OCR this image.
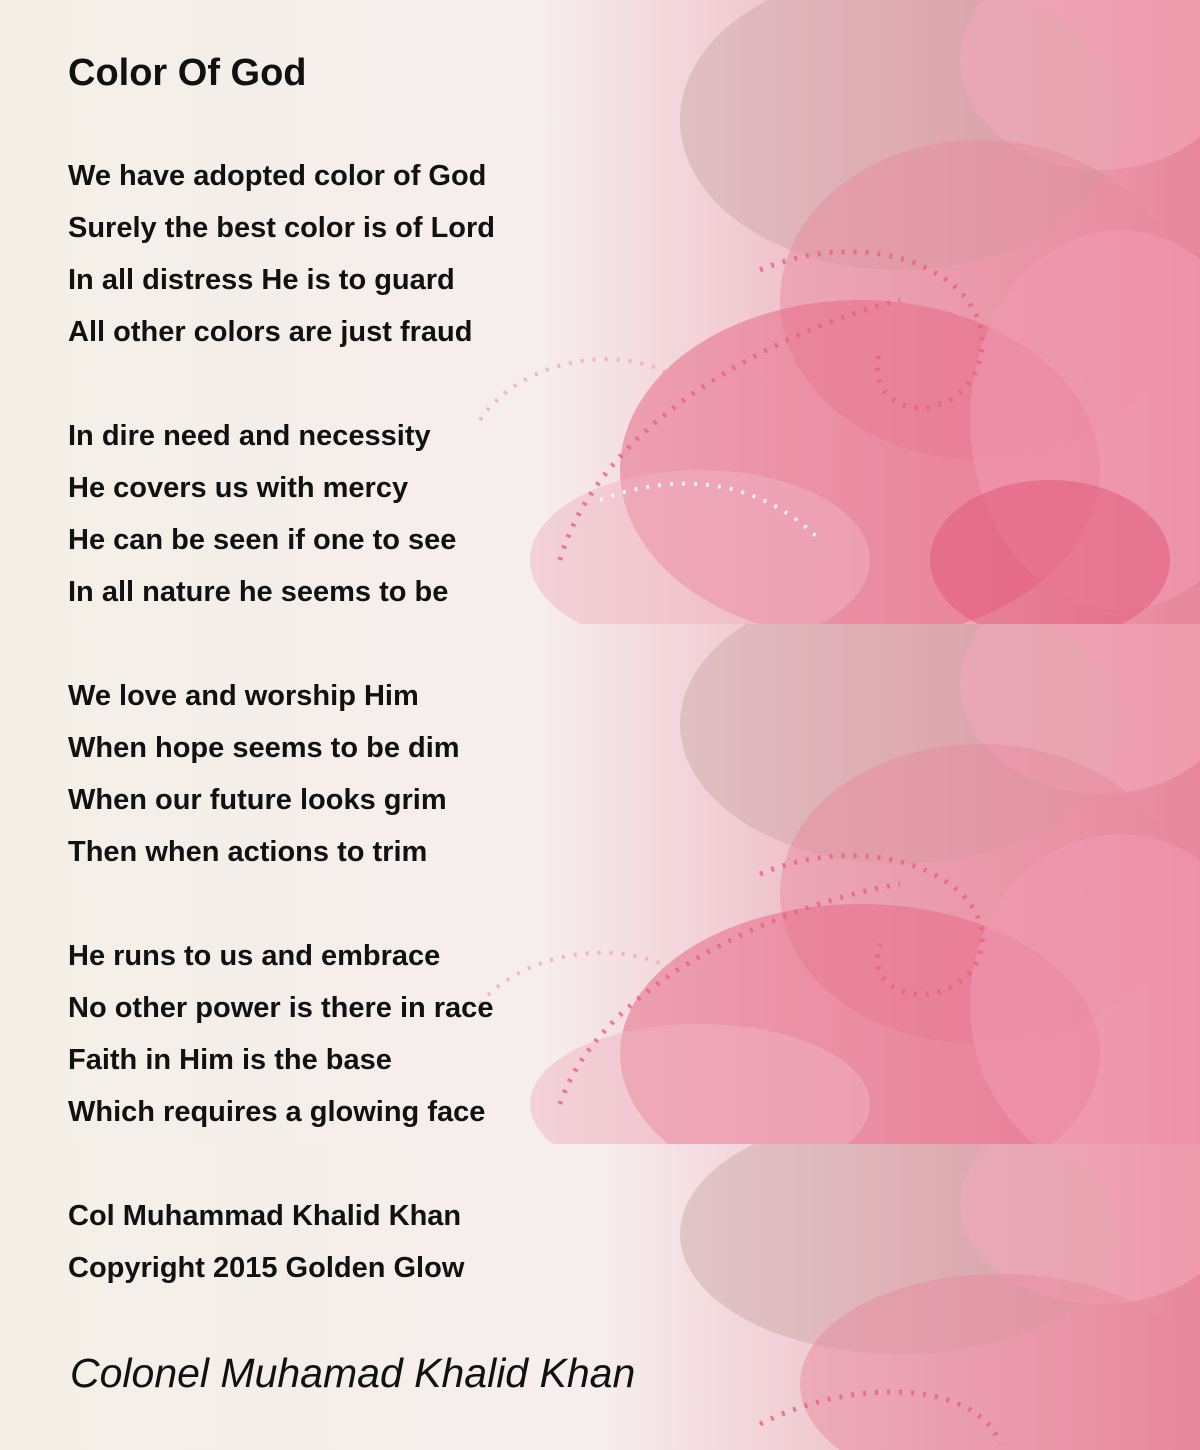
Color Of God
We have adopted color of God
Surely the best color is of Lord
In all distress He is to guard
All other colors are just fraud
In dire need and necessity
He covers us with mercy
He can be seen if one to see
In all nature he seems to be
We love and worship Him
When hope seems to be dim
When our future looks grim
Then when actions to trim
He runs to us and embrace
No other power is there in race
Faith in Him is the base
Which requires a glowing face
Col Muhammad Khalid Khan
Copyright 2015 Golden Glow
Colonel Muhamad Khalid Khan
